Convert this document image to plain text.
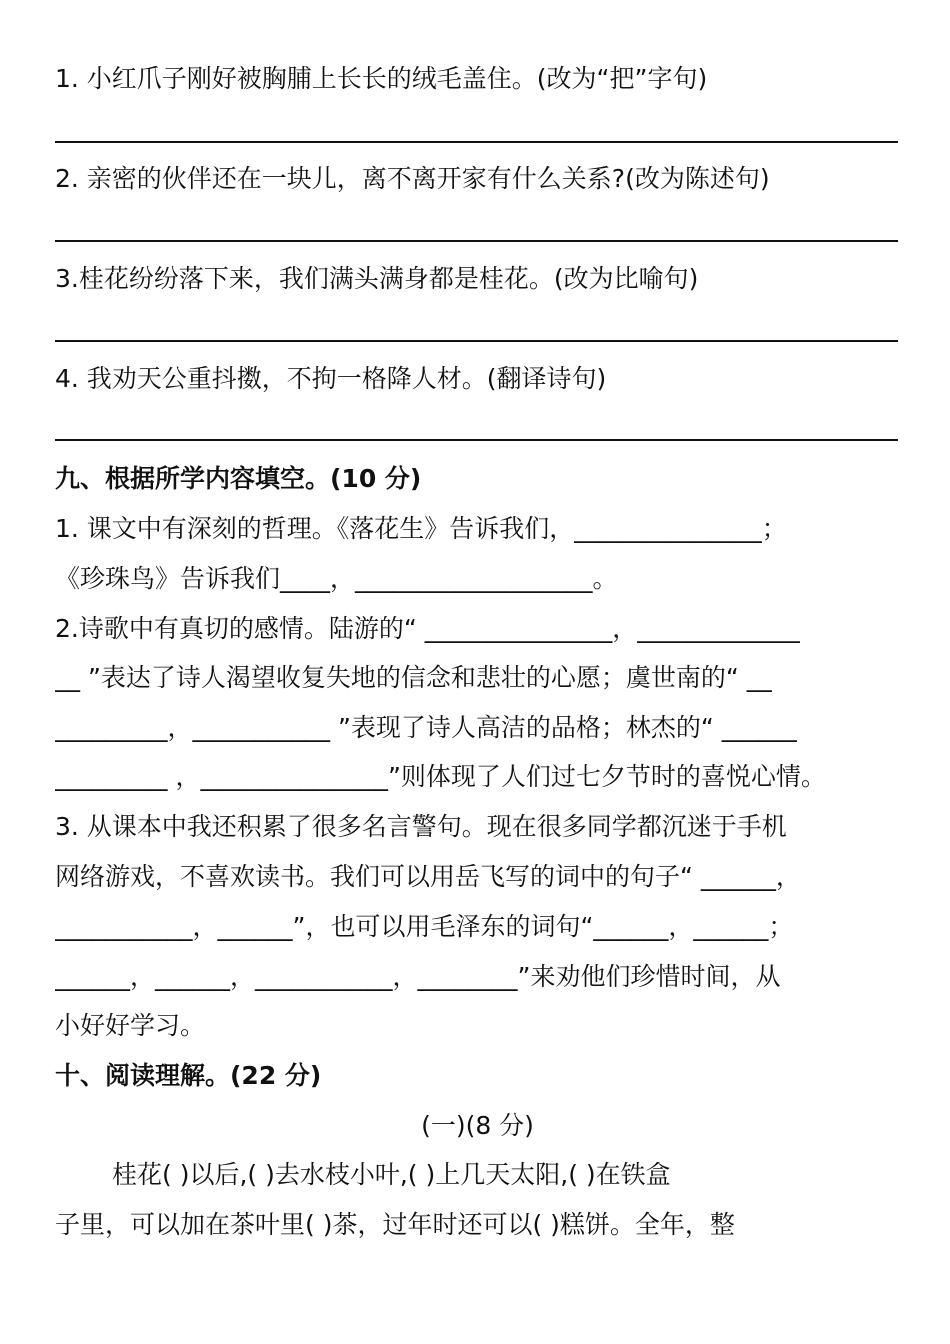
1. 小红爪子刚好被胸脯上长长的绒毛盖住。(改为“把”字句)
2. 亲密的伙伴还在一块儿，离不离开家有什么关系?(改为陈述句)
3.桂花纷纷落下来，我们满头满身都是桂花。(改为比喻句)
4. 我劝天公重抖擞，不拘一格降人材。(翻译诗句)
九、根据所学内容填空。(10 分)
1. 课文中有深刻的哲理。《落花生》告诉我们，_______________；
《珍珠鸟》告诉我们____，___________________。
2.诗歌中有真切的感情。陆游的“ _______________，_____________
__ ”表达了诗人渴望收复失地的信念和悲壮的心愿；虞世南的“ __
_________，___________ ”表现了诗人高洁的品格；林杰的“ ______
_________ ，_______________”则体现了人们过七夕节时的喜悦心情。
3. 从课本中我还积累了很多名言警句。现在很多同学都沉迷于手机
网络游戏，不喜欢读书。我们可以用岳飞写的词中的句子“ ______，
___________，______”，也可以用毛泽东的词句“______，______；
______，______，___________，________”来劝他们珍惜时间，从
小好好学习。
十、阅读理解。(22 分)
(一)(8 分)
桂花( )以后,( )去水枝小叶,( )上几天太阳,( )在铁盒
子里，可以加在茶叶里( )茶，过年时还可以( )糕饼。全年，整
